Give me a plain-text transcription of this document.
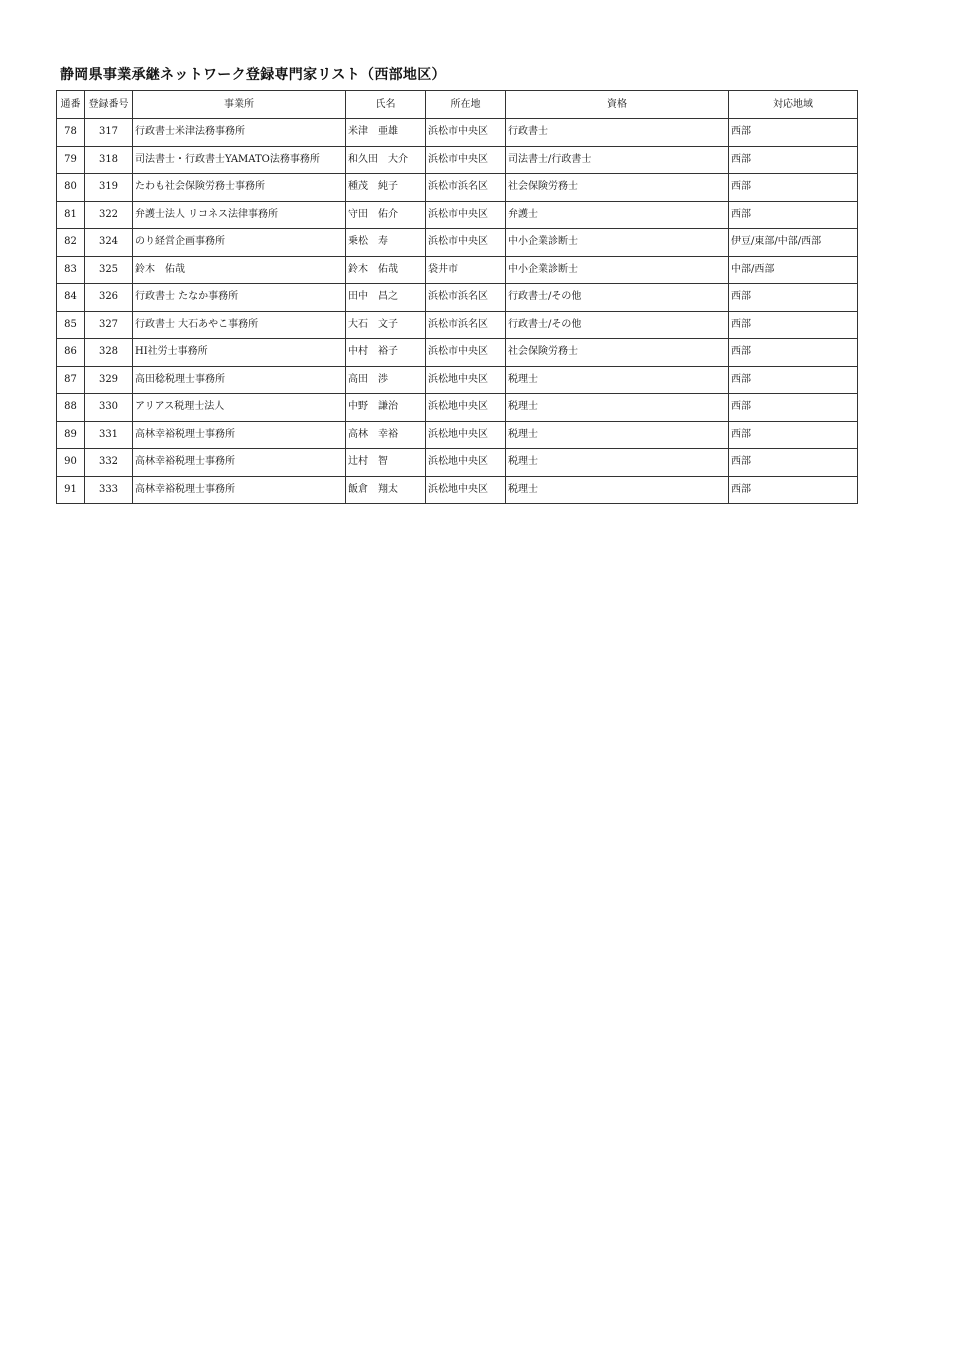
静岡県事業承継ネットワーク登録専門家リスト（西部地区）
通番	登録番号	事業所	氏名	所在地	資格	対応地域
78	317	行政書士米津法務事務所	米津　亜雄	浜松市中央区	行政書士	西部
79	318	司法書士・行政書士YAMATO法務事務所	和久田　大介	浜松市中央区	司法書士/行政書士	西部
80	319	たわも社会保険労務士事務所	種茂　純子	浜松市浜名区	社会保険労務士	西部
81	322	弁護士法人 リコネス法律事務所	守田　佑介	浜松市中央区	弁護士	西部
82	324	のり経営企画事務所	乗松　寿	浜松市中央区	中小企業診断士	伊豆/東部/中部/西部
83	325	鈴木　佑哉	鈴木　佑哉	袋井市	中小企業診断士	中部/西部
84	326	行政書士 たなか事務所	田中　昌之	浜松市浜名区	行政書士/その他	西部
85	327	行政書士 大石あやこ事務所	大石　文子	浜松市浜名区	行政書士/その他	西部
86	328	HI社労士事務所	中村　裕子	浜松市中央区	社会保険労務士	西部
87	329	高田稔税理士事務所	高田　渉	浜松地中央区	税理士	西部
88	330	アリアス税理士法人	中野　謙治	浜松地中央区	税理士	西部
89	331	高林幸裕税理士事務所	高林　幸裕	浜松地中央区	税理士	西部
90	332	高林幸裕税理士事務所	辻村　智	浜松地中央区	税理士	西部
91	333	高林幸裕税理士事務所	飯倉　翔太	浜松地中央区	税理士	西部
